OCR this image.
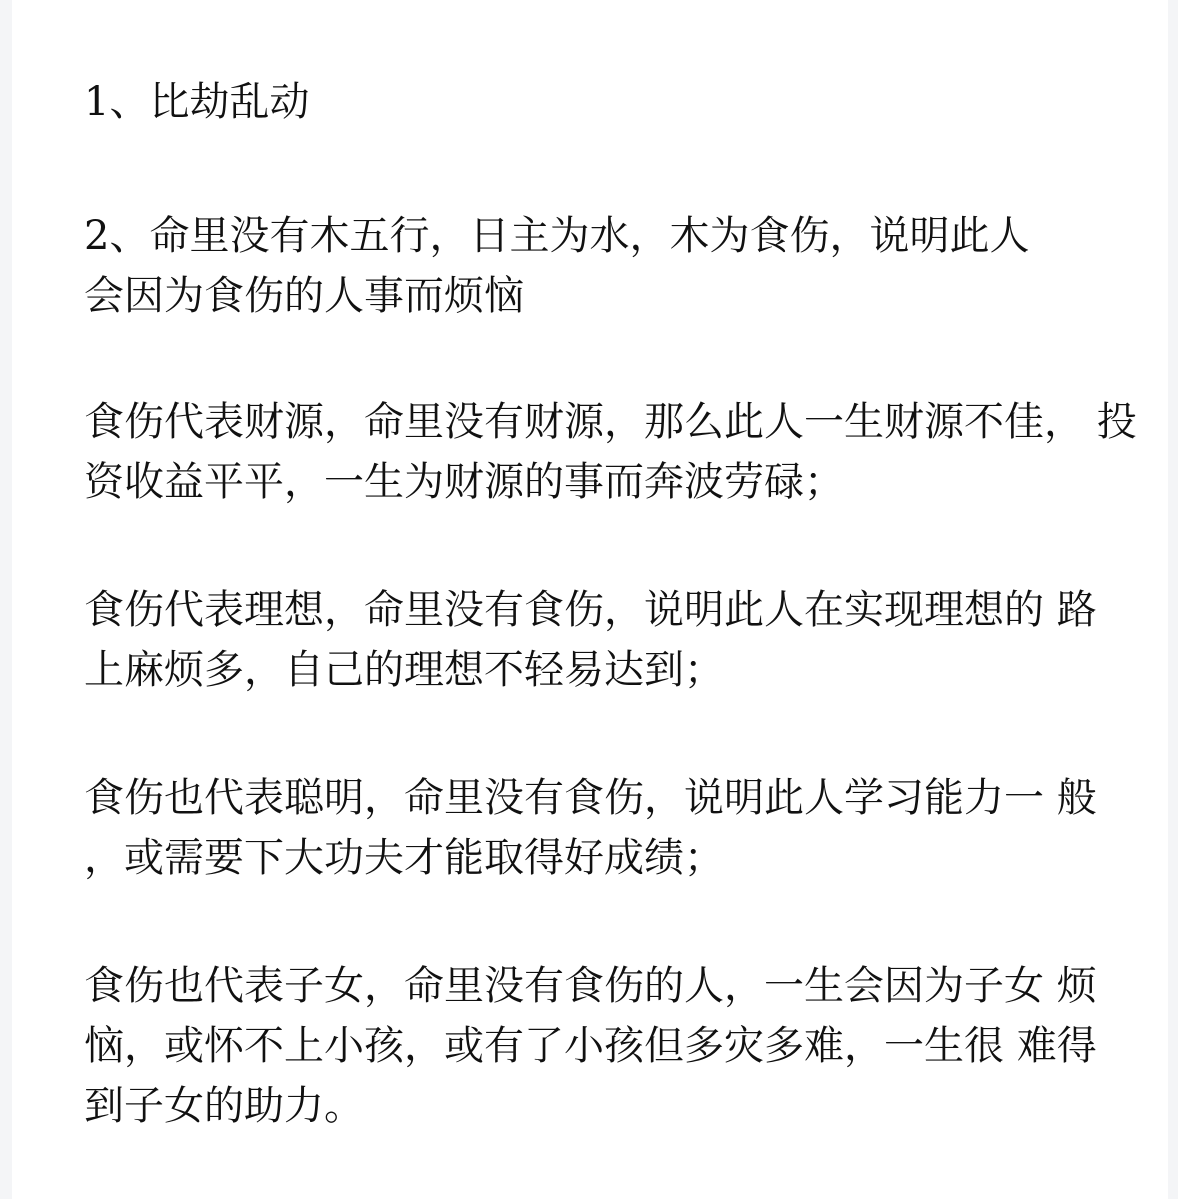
1、比劫乱动

2、命里没有木五行，日主为水，木为食伤，说明此人
会因为食伤的人事而烦恼

食伤代表财源，命里没有财源，那么此人一生财源不佳， 投
资收益平平，一生为财源的事而奔波劳碌；

食伤代表理想，命里没有食伤，说明此人在实现理想的 路
上麻烦多，自己的理想不轻易达到；

食伤也代表聪明，命里没有食伤，说明此人学习能力一 般
，或需要下大功夫才能取得好成绩；

食伤也代表子女，命里没有食伤的人，一生会因为子女 烦
恼，或怀不上小孩，或有了小孩但多灾多难，一生很 难得
到子女的助力。
